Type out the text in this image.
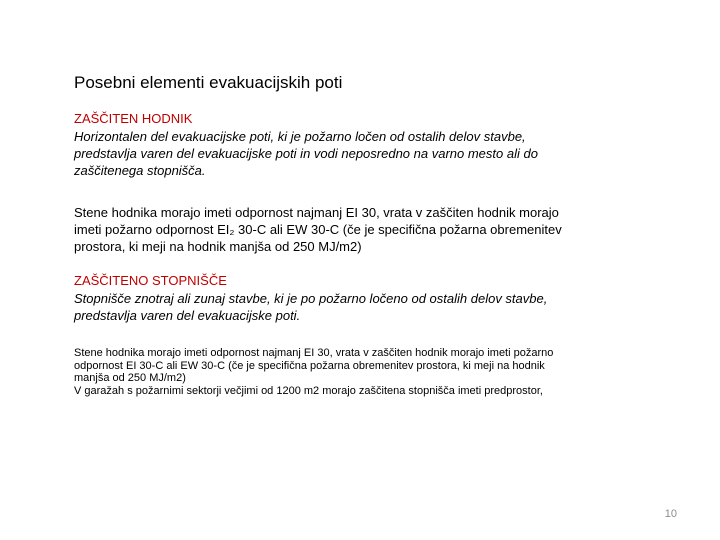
Posebni elementi evakuacijskih poti
ZAŠČITEN HODNIK
Horizontalen del evakuacijske poti, ki je požarno ločen od ostalih delov stavbe,
predstavlja varen del evakuacijske poti in vodi neposredno na varno mesto ali do
zaščitenega stopnišča.
Stene hodnika morajo imeti odpornost najmanj EI 30, vrata v zaščiten hodnik morajo
imeti požarno odpornost EI₂ 30-C ali EW 30-C (če je specifična požarna obremenitev
prostora, ki meji na hodnik manjša od 250 MJ/m2)
ZAŠČITENO STOPNIŠČE
Stopnišče znotraj ali zunaj stavbe, ki je po požarno ločeno od ostalih delov stavbe,
predstavlja varen del evakuacijske poti.
Stene hodnika morajo imeti odpornost najmanj EI 30, vrata v zaščiten hodnik morajo imeti požarno
odpornost EI 30-C ali EW 30-C (če je specifična požarna obremenitev prostora, ki meji na hodnik
manjša od 250 MJ/m2)
V garažah s požarnimi sektorji večjimi od 1200 m2 morajo zaščitena stopnišča imeti predprostor,
10
